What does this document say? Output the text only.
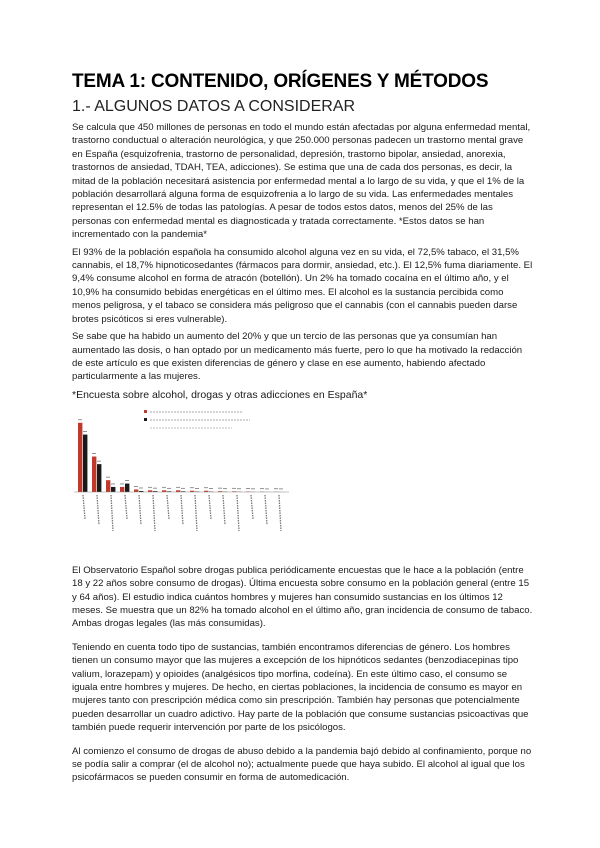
TEMA 1: CONTENIDO, ORÍGENES Y MÉTODOS
1.- ALGUNOS DATOS A CONSIDERAR

Se calcula que 450 millones de personas en todo el mundo están afectadas por alguna enfermedad mental, trastorno conductual o alteración neurológica, y que 250.000 personas padecen un trastorno mental grave en España (esquizofrenia, trastorno de personalidad, depresión, trastorno bipolar, ansiedad, anorexia, trastornos de ansiedad, TDAH, TEA, adicciones). Se estima que una de cada dos personas, es decir, la mitad de la población necesitará asistencia por enfermedad mental a lo largo de su vida, y que el 1% de la población desarrollará alguna forma de esquizofrenia a lo largo de su vida. Las enfermedades mentales representan el 12.5% de todas las patologías. A pesar de todos estos datos, menos del 25% de las personas con enfermedad mental es diagnosticada y tratada correctamente. *Estos datos se han incrementado con la pandemia*

El 93% de la población española ha consumido alcohol alguna vez en su vida, el 72,5% tabaco, el 31,5% cannabis, el 18,7% hipnoticosedantes (fármacos para dormir, ansiedad, etc.). El 12,5% fuma diariamente. El 9,4% consume alcohol en forma de atracón (botellón). Un 2% ha tomado cocaína en el último año, y el 10,9% ha consumido bebidas energéticas en el último mes. El alcohol es la sustancia percibida como menos peligrosa, y el tabaco se considera más peligroso que el cannabis (con el cannabis pueden darse brotes psicóticos si eres vulnerable).

Se sabe que ha habido un aumento del 20% y que un tercio de las personas que ya consumían han aumentado las dosis, o han optado por un medicamento más fuerte, pero lo que ha motivado la redacción de este artículo es que existen diferencias de género y clase en ese aumento, habiendo afectado particularmente a las mujeres.

*Encuesta sobre alcohol, drogas y otras adicciones en España*

El Observatorio Español sobre drogas publica periódicamente encuestas que le hace a la población (entre 18 y 22 años sobre consumo de drogas). Última encuesta sobre consumo en la población general (entre 15 y 64 años). El estudio indica cuántos hombres y mujeres han consumido sustancias en los últimos 12 meses. Se muestra que un 82% ha tomado alcohol en el último año, gran incidencia de consumo de tabaco. Ambas drogas legales (las más consumidas).

Teniendo en cuenta todo tipo de sustancias, también encontramos diferencias de género. Los hombres tienen un consumo mayor que las mujeres a excepción de los hipnóticos sedantes (benzodiacepinas tipo valium, lorazepam) y opioides (analgésicos tipo morfina, codeína). En este último caso, el consumo se iguala entre hombres y mujeres. De hecho, en ciertas poblaciones, la incidencia de consumo es mayor en mujeres tanto con prescripción médica como sin prescripción. También hay personas que potencialmente pueden desarrollar un cuadro adictivo. Hay parte de la población que consume sustancias psicoactivas que también puede requerir intervención por parte de los psicólogos.

Al comienzo el consumo de drogas de abuso debido a la pandemia bajó debido al confinamiento, porque no se podía salir a comprar (el de alcohol no); actualmente puede que haya subido. El alcohol al igual que los psicofármacos se pueden consumir en forma de automedicación.
